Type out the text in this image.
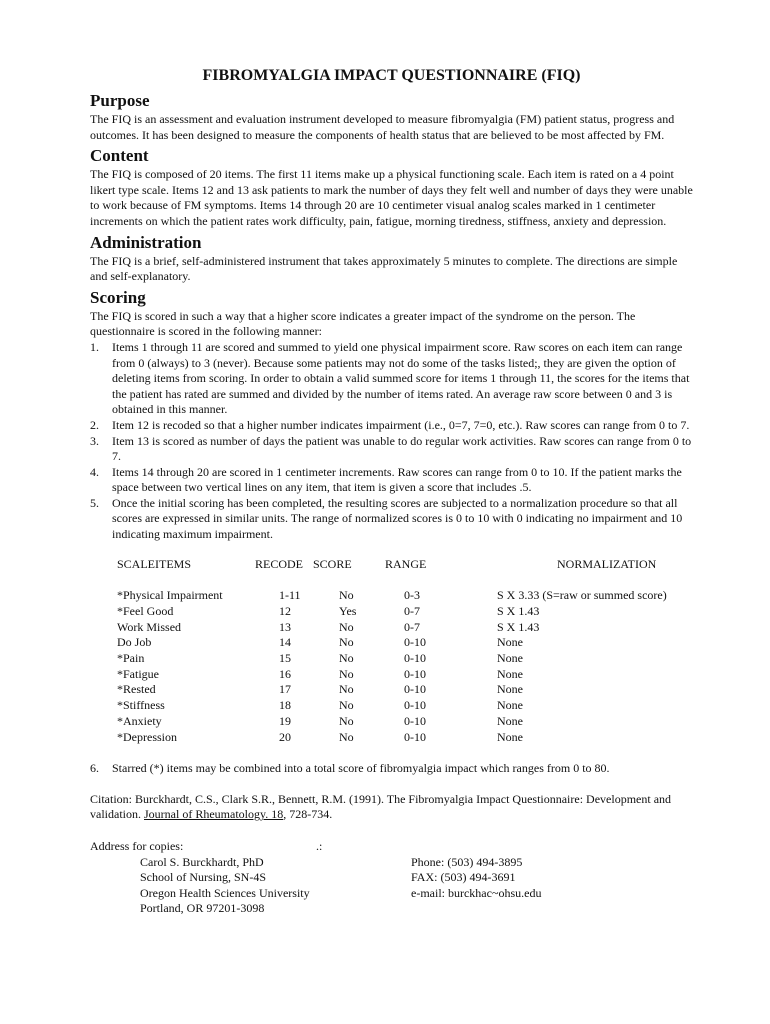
FIBROMYALGIA IMPACT QUESTIONNAIRE (FIQ)
Purpose

The FIQ is an assessment and evaluation instrument developed to measure fibromyalgia (FM) patient status, progress and outcomes. It has been designed to measure the components of health status that are believed to be most affected by FM.

Content

The FIQ is composed of 20 items. The first 11 items make up a physical functioning scale. Each item is rated on a 4 point likert type scale. Items 12 and 13 ask patients to mark the number of days they felt well and number of days they were unable to work because of FM symptoms. Items 14 through 20 are 10 centimeter visual analog scales marked in 1 centimeter increments on which the patient rates work difficulty, pain, fatigue, morning tiredness, stiffness, anxiety and depression.

Administration

The FIQ is a brief, self-administered instrument that takes approximately 5 minutes to complete. The directions are simple and self-explanatory.

Scoring

The FIQ is scored in such a way that a higher score indicates a greater impact of the syndrome on the person. The questionnaire is scored in the following manner:

1. Items 1 through 11 are scored and summed to yield one physical impairment score. Raw scores on each item can range from 0 (always) to 3 (never). Because some patients may not do some of the tasks listed;, they are given the option of deleting items from scoring. In order to obtain a valid summed score for items 1 through 11, the scores for the items that the patient has rated are summed and divided by the number of items rated. An average raw score between 0 and 3 is obtained in this manner.
2. Item 12 is recoded so that a higher number indicates impairment (i.e., 0=7, 7=0, etc.). Raw scores can range from 0 to 7.
3. Item 13 is scored as number of days the patient was unable to do regular work activities. Raw scores can range from 0 to 7.
4. Items 14 through 20 are scored in 1 centimeter increments. Raw scores can range from 0 to 10. If the patient marks the space between two vertical lines on any item, that item is given a score that includes .5.
5. Once the initial scoring has been completed, the resulting scores are subjected to a normalization procedure so that all scores are expressed in similar units. The range of normalized scores is 0 to 10 with 0 indicating no impairment and 10 indicating maximum impairment.
SCALEITEMS	RECODE SCORE	RANGE	NORMALIZATION
*Physical Impairment	1-11	No	0-3	S X 3.33 (S=raw or summed score)
*Feel Good	12	Yes	0-7	S X 1.43
Work Missed	13	No	0-7	S X 1.43
Do Job	14	No	0-10	None
*Pain	15	No	0-10	None
*Fatigue	16	No	0-10	None
*Rested	17	No	0-10	None
*Stiffness	18	No	0-10	None
*Anxiety	19	No	0-10	None
*Depression	20	No	0-10	None
6. Starred (*) items may be combined into a total score of fibromyalgia impact which ranges from 0 to 80.
Citation: Burckhardt, C.S., Clark S.R., Bennett, R.M. (1991). The Fibromyalgia Impact Questionnaire: Development and validation. Journal of Rheumatology. 18, 728-734.
Address for copies:	.:
Carol S. Burckhardt, PhD
School of Nursing, SN-4S
Oregon Health Sciences University
Portland, OR 97201-3098
Phone: (503) 494-3895
FAX: (503) 494-3691
e-mail: burckhac~ohsu.edu
